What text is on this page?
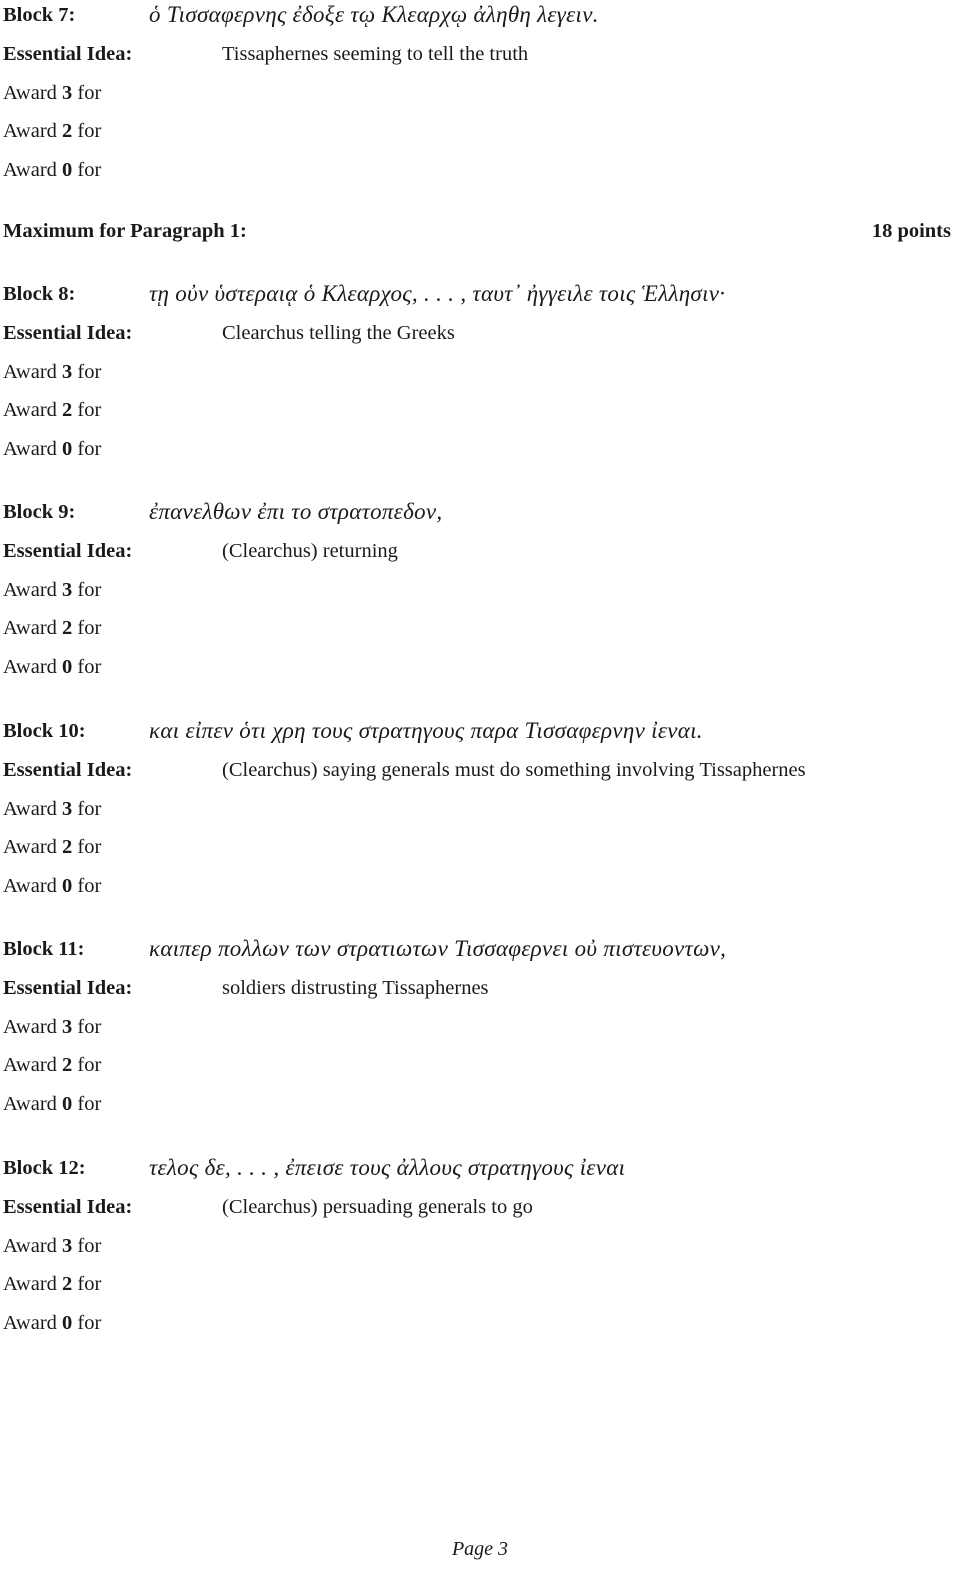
Block 7:	ὁ Τισσαφερνης ἐδοξε τῳ Κλεαρχῳ ἀληθη λεγειν.
Essential Idea:	Tissaphernes seeming to tell the truth
Award 3 for
Award 2 for
Award 0 for
Maximum for Paragraph 1:	18 points
Block 8:	τῃ οὐν ὑστεραιᾳ ὁ Κλεαρχος, . . . , ταυτ᾽ ἠγγειλε τοις Ἑλλησιν·
Essential Idea:	Clearchus telling the Greeks
Award 3 for
Award 2 for
Award 0 for
Block 9:	ἐπανελθων ἐπι το στρατοπεδον,
Essential Idea:	(Clearchus) returning
Award 3 for
Award 2 for
Award 0 for
Block 10:	και εἰπεν ὁτι χρη τους στρατηγους παρα Τισσαφερνην ἰεναι.
Essential Idea:	(Clearchus) saying generals must do something involving Tissaphernes
Award 3 for
Award 2 for
Award 0 for
Block 11:	καιπερ πολλων των στρατιωτων Τισσαφερνει οὐ πιστευοντων,
Essential Idea:	soldiers distrusting Tissaphernes
Award 3 for
Award 2 for
Award 0 for
Block 12:	τελος δε, . . . , ἐπεισε τους ἀλλους στρατηγους ἰεναι
Essential Idea:	(Clearchus) persuading generals to go
Award 3 for
Award 2 for
Award 0 for
Page 3
